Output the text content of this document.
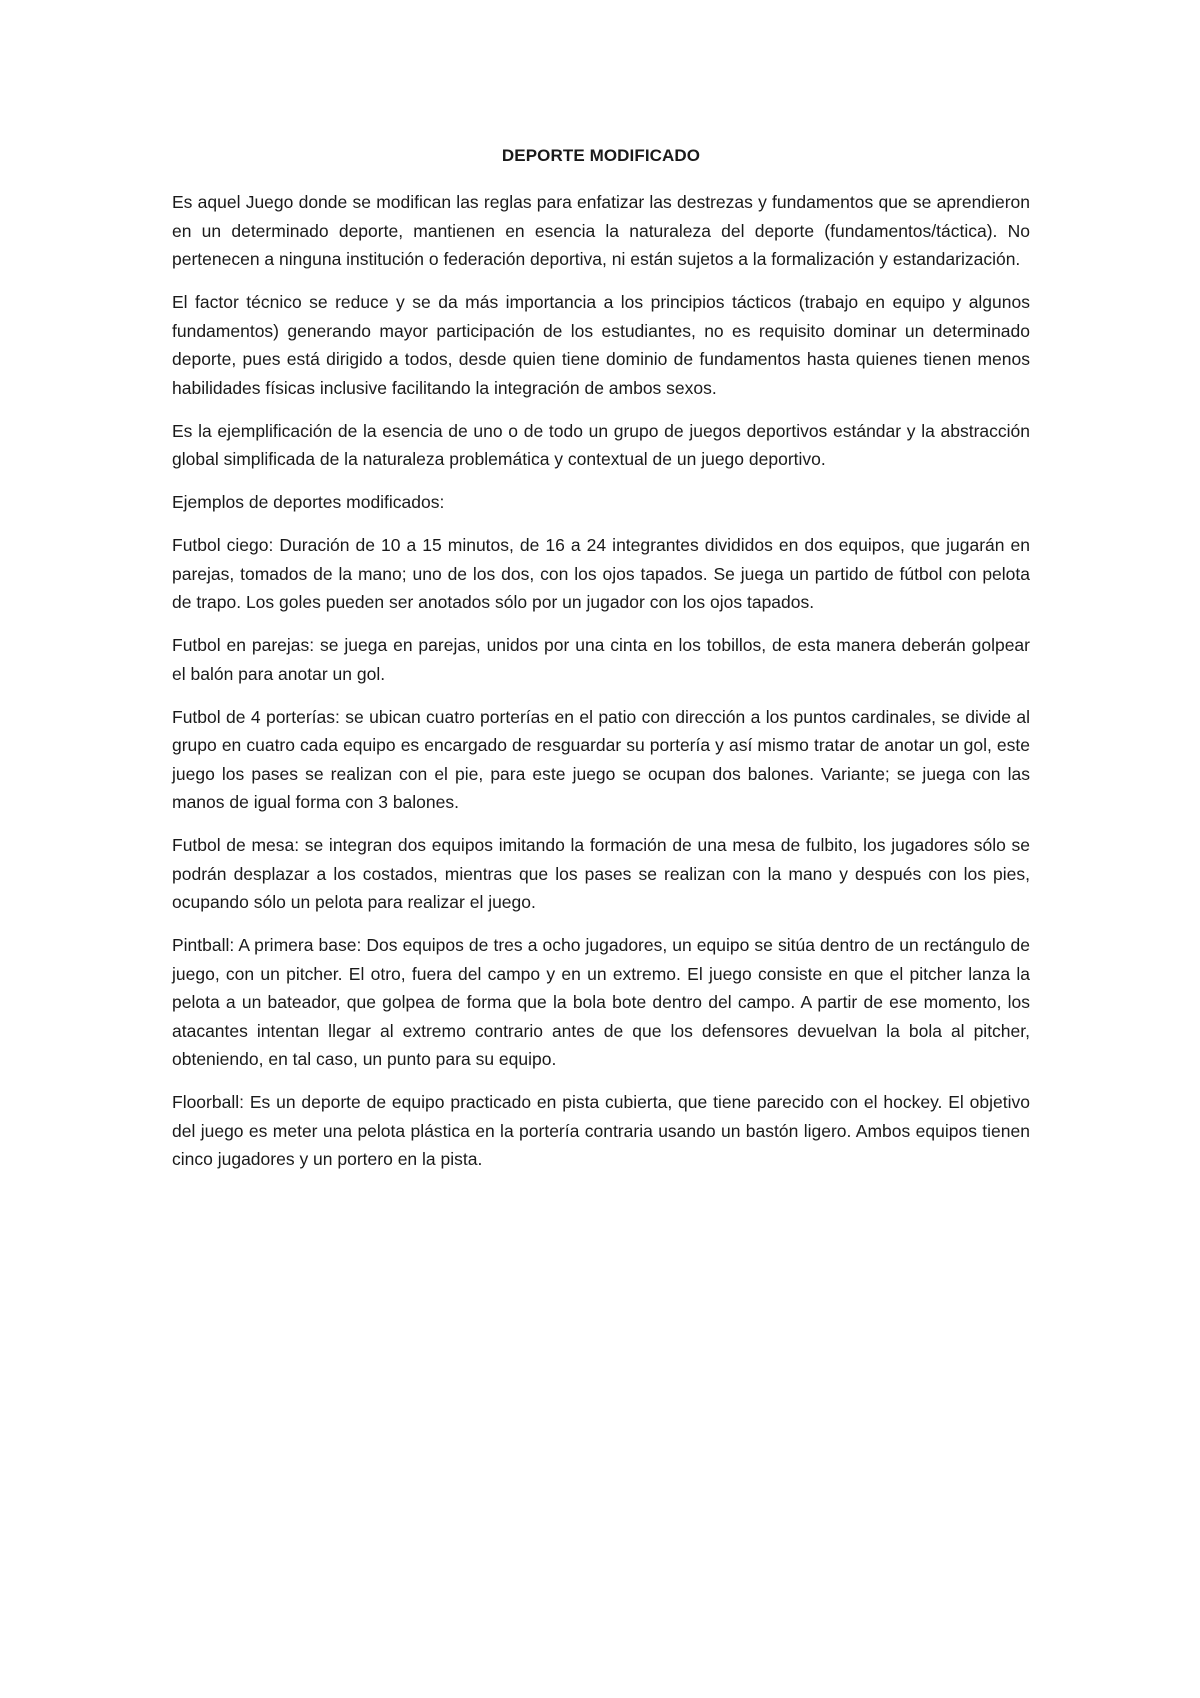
DEPORTE MODIFICADO

Es aquel Juego donde se modifican las reglas para enfatizar las destrezas y fundamentos que se aprendieron en un determinado deporte, mantienen en esencia la naturaleza del deporte (fundamentos/táctica). No pertenecen a ninguna institución o federación deportiva, ni están sujetos a la formalización y estandarización.

El factor técnico se reduce y se da más importancia a los principios tácticos (trabajo en equipo y algunos fundamentos) generando mayor participación de los estudiantes, no es requisito dominar un determinado deporte, pues está dirigido a todos, desde quien tiene dominio de fundamentos hasta quienes tienen menos habilidades físicas inclusive facilitando la integración de ambos sexos.

Es la ejemplificación de la esencia de uno o de todo un grupo de juegos deportivos estándar y la abstracción global simplificada de la naturaleza problemática y contextual de un juego deportivo.

Ejemplos de deportes modificados:

Futbol ciego: Duración de 10 a 15 minutos, de 16 a 24 integrantes divididos en dos equipos, que jugarán en parejas, tomados de la mano; uno de los dos, con los ojos tapados. Se juega un partido de fútbol con pelota de trapo. Los goles pueden ser anotados sólo por un jugador con los ojos tapados.

Futbol en parejas: se juega en parejas, unidos por una cinta en los tobillos, de esta manera deberán golpear el balón para anotar un gol.

Futbol de 4 porterías: se ubican cuatro porterías en el patio con dirección a los puntos cardinales, se divide al grupo en cuatro cada equipo es encargado de resguardar su portería y así mismo tratar de anotar un gol, este juego los pases se realizan con el pie, para este juego se ocupan dos balones. Variante; se juega con las manos de igual forma con 3 balones.

Futbol de mesa: se integran dos equipos imitando la formación de una mesa de fulbito, los jugadores sólo se podrán desplazar a los costados, mientras que los pases se realizan con la mano y después con los pies, ocupando sólo un pelota para realizar el juego.

Pintball: A primera base: Dos equipos de tres a ocho jugadores, un equipo se sitúa dentro de un rectángulo de juego, con un pitcher. El otro, fuera del campo y en un extremo. El juego consiste en que el pitcher lanza la pelota a un bateador, que golpea de forma que la bola bote dentro del campo. A partir de ese momento, los atacantes intentan llegar al extremo contrario antes de que los defensores devuelvan la bola al pitcher, obteniendo, en tal caso, un punto para su equipo.

Floorball: Es un deporte de equipo practicado en pista cubierta, que tiene parecido con el hockey. El objetivo del juego es meter una pelota plástica en la portería contraria usando un bastón ligero. Ambos equipos tienen cinco jugadores y un portero en la pista.
